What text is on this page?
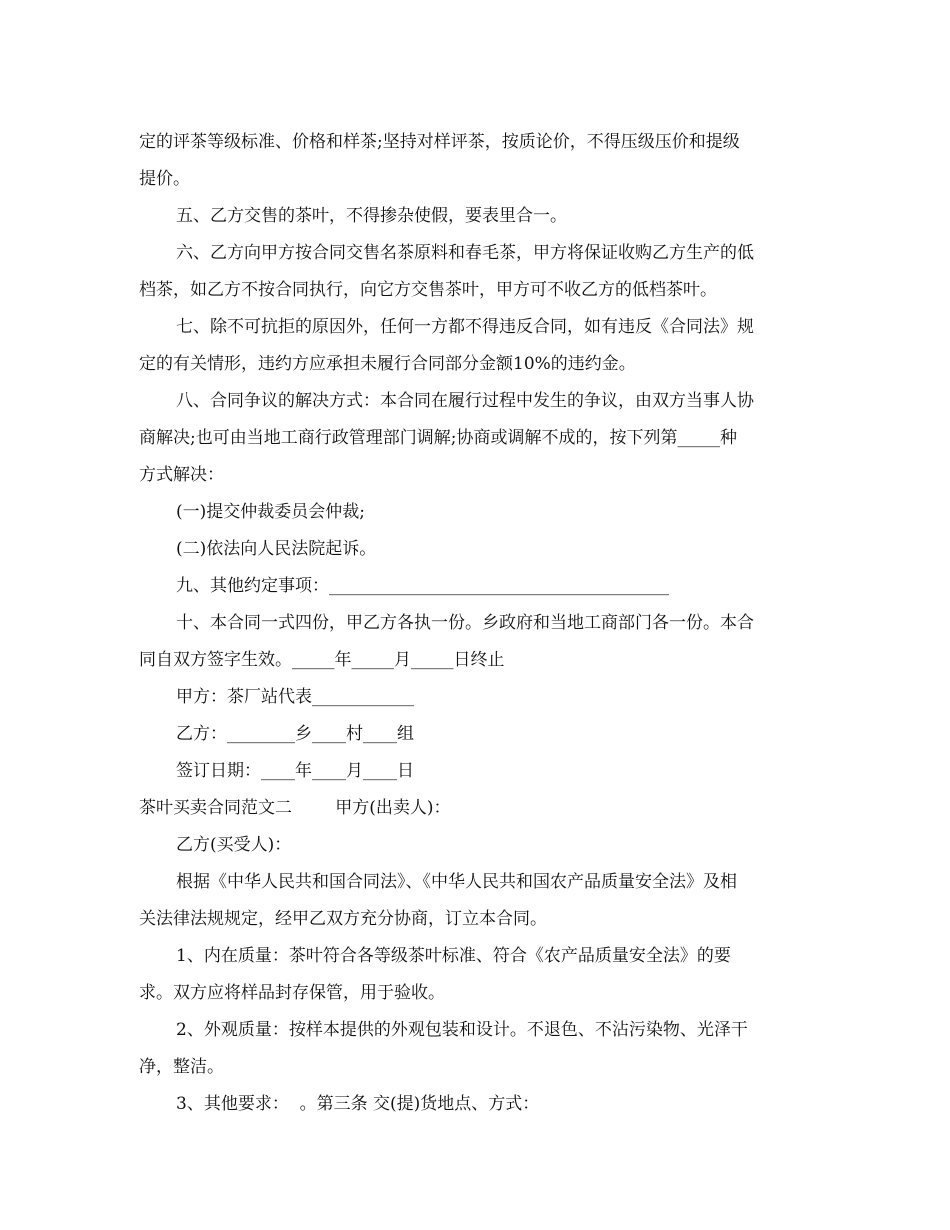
定的评茶等级标准、价格和样茶;坚持对样评茶，按质论价，不得压级压价和提级
提价。
五、乙方交售的茶叶，不得掺杂使假，要表里合一。
六、乙方向甲方按合同交售名茶原料和春毛茶，甲方将保证收购乙方生产的低
档茶，如乙方不按合同执行，向它方交售茶叶，甲方可不收乙方的低档茶叶。
七、除不可抗拒的原因外，任何一方都不得违反合同，如有违反《合同法》规
定的有关情形，违约方应承担未履行合同部分金额10%的违约金。
八、合同争议的解决方式：本合同在履行过程中发生的争议，由双方当事人协
商解决;也可由当地工商行政管理部门调解;协商或调解不成的，按下列第_____种
方式解决：
(一)提交仲裁委员会仲裁;
(二)依法向人民法院起诉。
九、其他约定事项：________________________________________
十、本合同一式四份，甲乙方各执一份。乡政府和当地工商部门各一份。本合
同自双方签字生效。_____年_____月_____日终止
甲方：茶厂站代表____________
乙方：________乡____村____组
签订日期：____年____月____日
茶叶买卖合同范文二        甲方(出卖人)：
乙方(买受人)：
根据《中华人民共和国合同法》、《中华人民共和国农产品质量安全法》及相
关法律法规规定，经甲乙双方充分协商，订立本合同。
1、内在质量：茶叶符合各等级茶叶标准、符合《农产品质量安全法》的要
求。双方应将样品封存保管，用于验收。
2、外观质量：按样本提供的外观包装和设计。不退色、不沾污染物、光泽干
净，整洁。
3、其他要求：  。第三条 交(提)货地点、方式：
